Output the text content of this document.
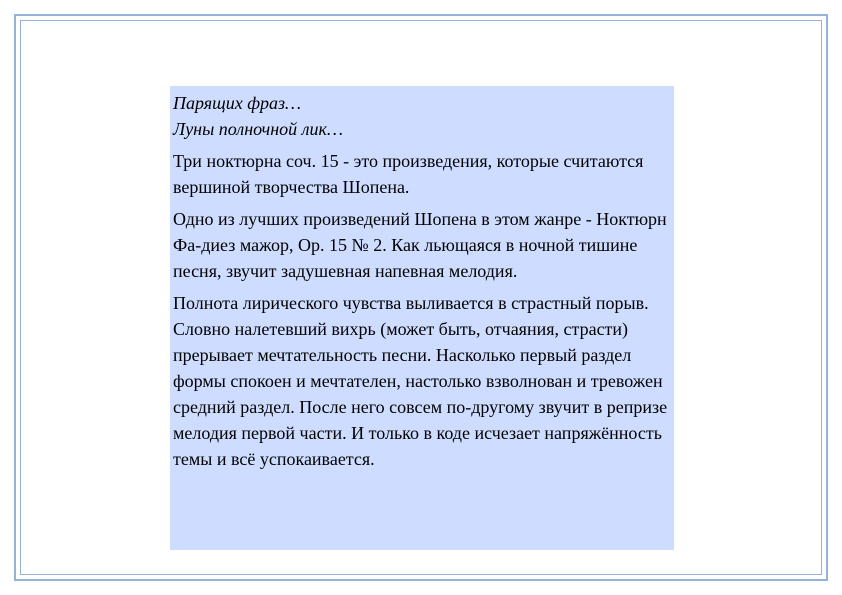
Парящих фраз…
Луны полночной лик…

Три ноктюрна соч. 15 - это произведения, которые считаются вершиной творчества Шопена.

Одно из лучших произведений Шопена в этом жанре - Ноктюрн Фа-диез мажор, Ор. 15 № 2. Как льющаяся в ночной тишине песня, звучит задушевная напевная мелодия.

Полнота лирического чувства выливается в страстный порыв. Словно налетевший вихрь (может быть, отчаяния, страсти) прерывает мечтательность песни. Насколько первый раздел формы спокоен и мечтателен, настолько взволнован и тревожен средний раздел. После него совсем по-другому звучит в репризе мелодия первой части. И только в коде исчезает напряжённость темы и всё успокаивается.
